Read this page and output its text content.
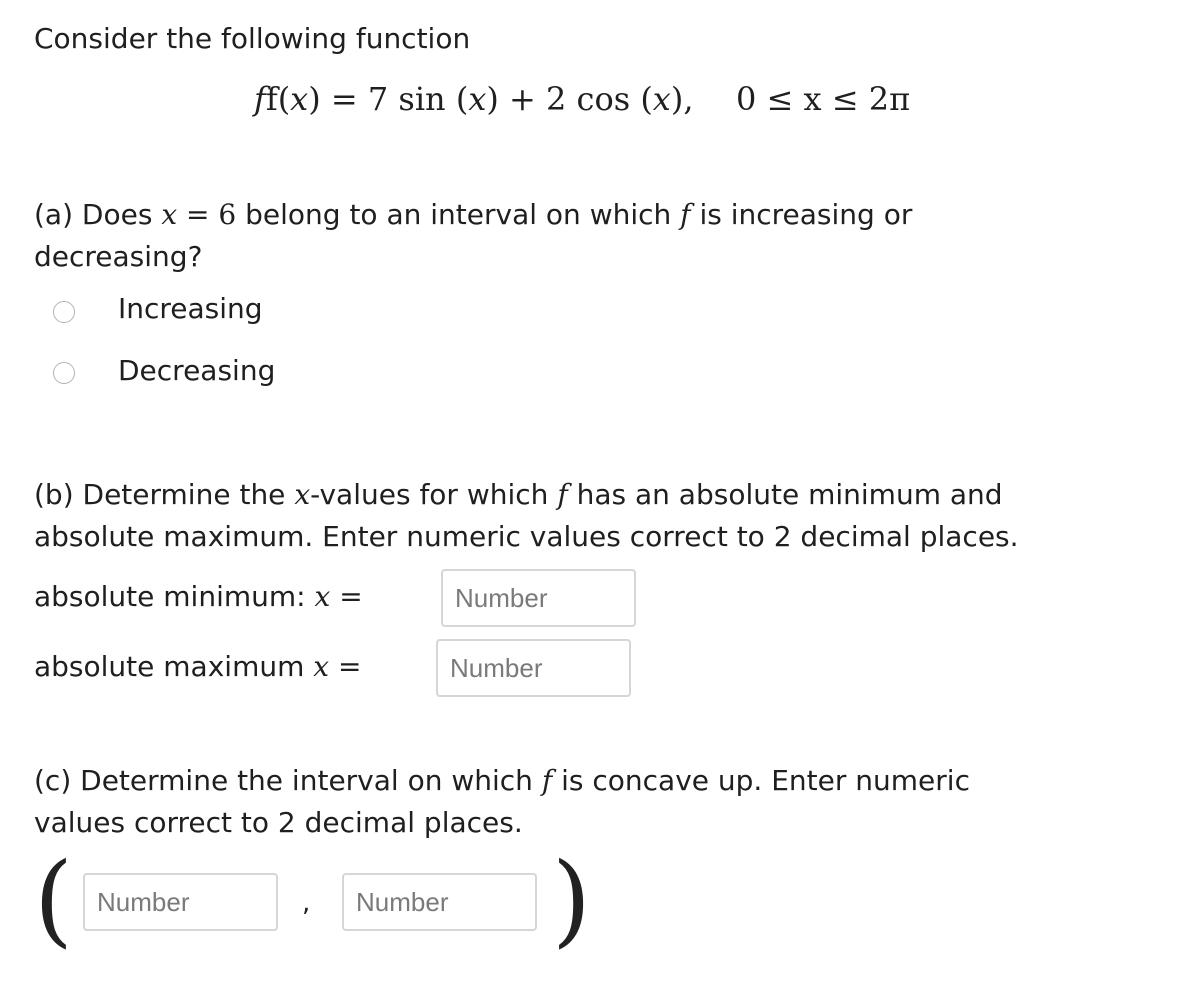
Consider the following function
ff(x) = 7 sin (x) + 2 cos (x), 0 ≤ x ≤ 2π
(a) Does x = 6 belong to an interval on which f is increasing or
decreasing?
Increasing
Decreasing
(b) Determine the x-values for which f has an absolute minimum and
absolute maximum. Enter numeric values correct to 2 decimal places.
absolute minimum: x =
Number
absolute maximum x =
Number
(c) Determine the interval on which f is concave up. Enter numeric
values correct to 2 decimal places.
(
Number	,
Number )
